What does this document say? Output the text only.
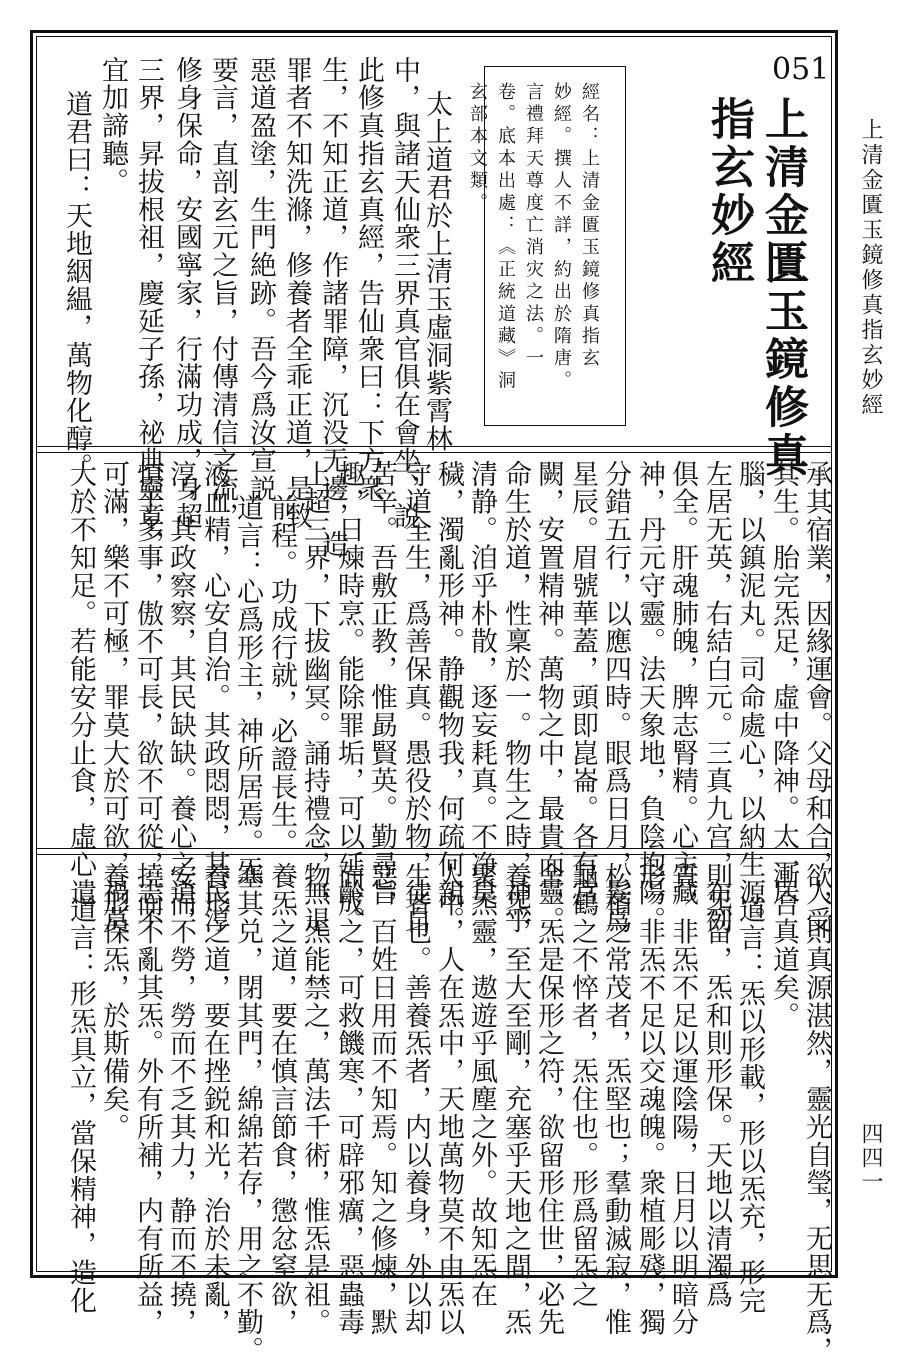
上清金匱玉鏡修真指玄妙經
四四一
051
上清金匱玉鏡修真
指玄妙經
經名：上清金匱玉鏡修真指玄
妙經。撰人不詳，約出於隋唐。
言禮拜天尊度亡消灾之法。一
卷。底本出處：《正統道藏》洞
玄部本文類。
太上道君於上清玉虛洞紫霄林
中，與諸天仙衆三界真官俱在會坐，説
此修真指玄真經，告仙衆曰：下方衆
生，不知正道，作諸罪障，沉没无邊，造
罪者不知洗滌，修養者全乖正道，是致
惡道盈塗，生門絶跡。吾今爲汝宣説
要言，直剖玄元之旨，付傳清信之流，
修身保命，安國寧家，行滿功成，身超
三界，昇拔根祖，慶延子孫，祕典靈章，
宜加諦聽。
道君曰：天地絪緼，萬物化醇。
承其宿業，因緣運會。父母和合，人受
其生。胎完炁足，虛中降神。太一居
腦，以鎮泥丸。司命處心，以納生源。
左居无英，右結白元。三真九宫，布列
俱全。肝魂肺魄，脾志腎精。心主藏
神，丹元守靈。法天象地，負陰抱陽。
分錯五行，以應四時。眼爲日月，髮爲
星辰。眉號華蓋，頭即崑崙。各有宫
闕，安置精神。萬物之中，最貴而靈。
命生於道，性稟於一。物生之時，神乎
清静。洎乎朴散，逐妄耗真。不净臭
穢，濁亂形神。静觀物我，何疏何親。
守道全生，爲善保真。愚役於物，徒自
苦辛。吾敷正教，惟勗賢英。勤尋旨
趣，日煉時烹。能除罪垢，可以延齡。
上超三界，下拔幽冥。誦持禮念，無退
前程。功成行就，必證長生。
道言：心爲形主，神所居焉。炁
液血精，心安自治。其政悶悶，其民淳
淳，其政察察，其民缺缺。養心之道，
慎于多事，傲不可長，欲不可從，志不
可滿，樂不可極，罪莫大於可欲，禍莫
大於不知足。若能安分止食，虛心遣
欲，則真源湛然，靈光自瑩，无思无爲，
漸合真道矣。
道言：炁以形載，形以炁充，形完
則炁留，炁和則形保。天地以清濁爲
質，非炁不足以運陰陽，日月以明暗分
形，非炁不足以交魂魄。衆植彫殘，獨
松栢之常茂者，炁堅也；羣動滅寂，惟
龜鶴之不悴者，炁住也。形爲留炁之
舍，炁是保形之符，欲留形住世，必先
養炁，至大至剛，充塞乎天地之間，炁
聚炁靈，遨遊乎風塵之外。故知炁在
人中，人在炁中，天地萬物莫不由炁以
生者也。善養炁者，内以養身，外以却
惡，百姓日用而不知焉。知之修煉，默
而成之，可救饑寒，可辟邪癘，惡蟲毒
物，炁能禁之，萬法千術，惟炁是祖。
養炁之道，要在慎言節食，懲忿窒欲，
塞其兑，閉其門，綿綿若存，用之不勤。
養形之道，要在挫鋭和光，治於未亂，
安而不勞，勞而不乏其力，静而不撓，
撓而不亂其炁。外有所補，内有所益，
養形保炁，於斯備矣。
道言：形炁具立，當保精神，造化
